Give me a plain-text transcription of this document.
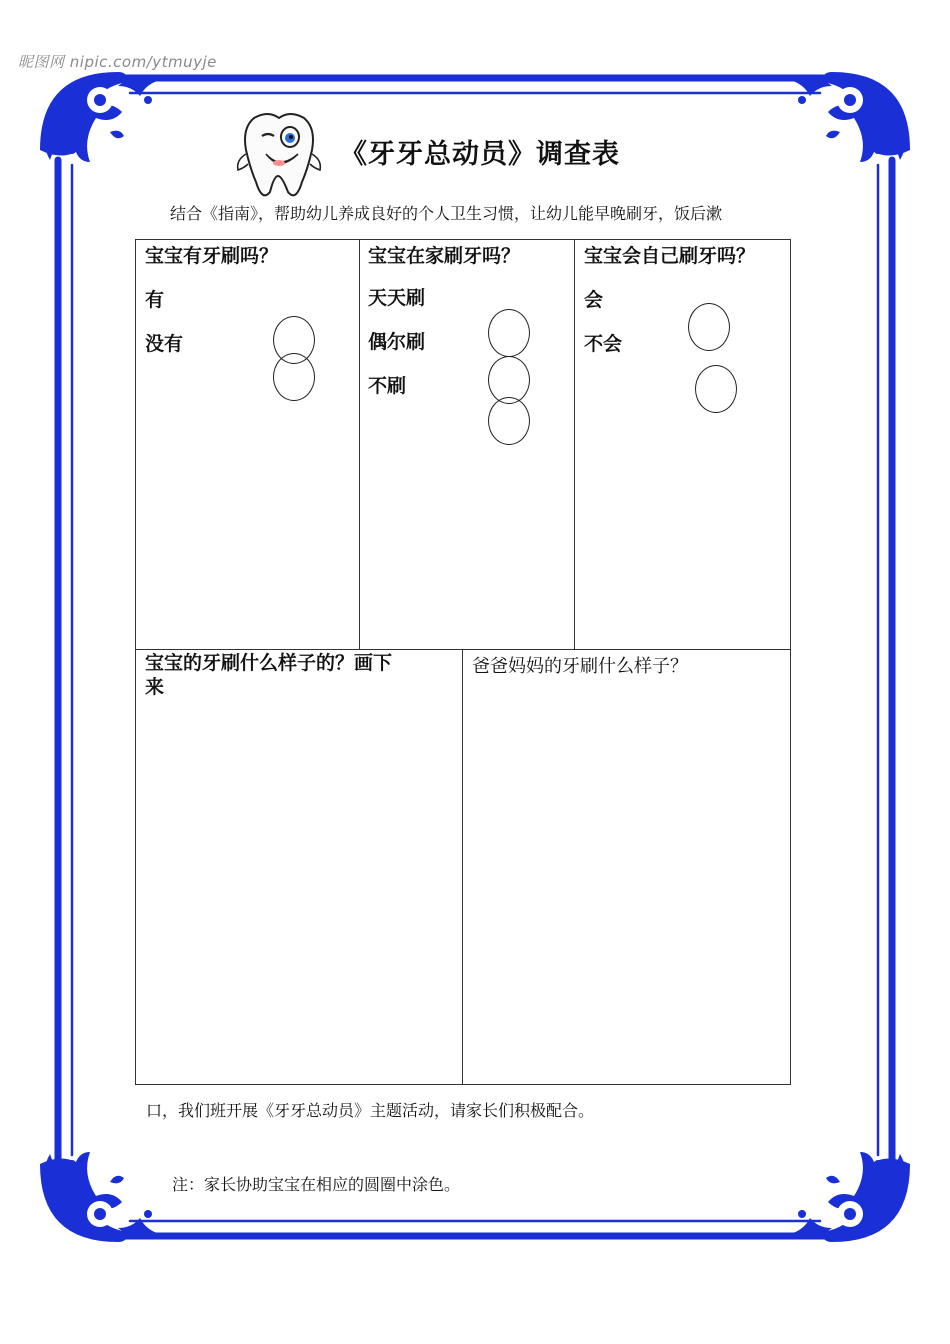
昵图网 nipic.com/ytmuyje
《牙牙总动员》调查表
结合《指南》，帮助幼儿养成良好的个人卫生习惯，让幼儿能早晚刷牙，饭后漱
宝宝有牙刷吗？
有
没有
宝宝在家刷牙吗？
天天刷
偶尔刷
不刷
宝宝会自己刷牙吗？
会
不会
宝宝的牙刷什么样子的？画下
来
爸爸妈妈的牙刷什么样子？
口，我们班开展《牙牙总动员》主题活动，请家长们积极配合。
注：家长协助宝宝在相应的圆圈中涂色。
